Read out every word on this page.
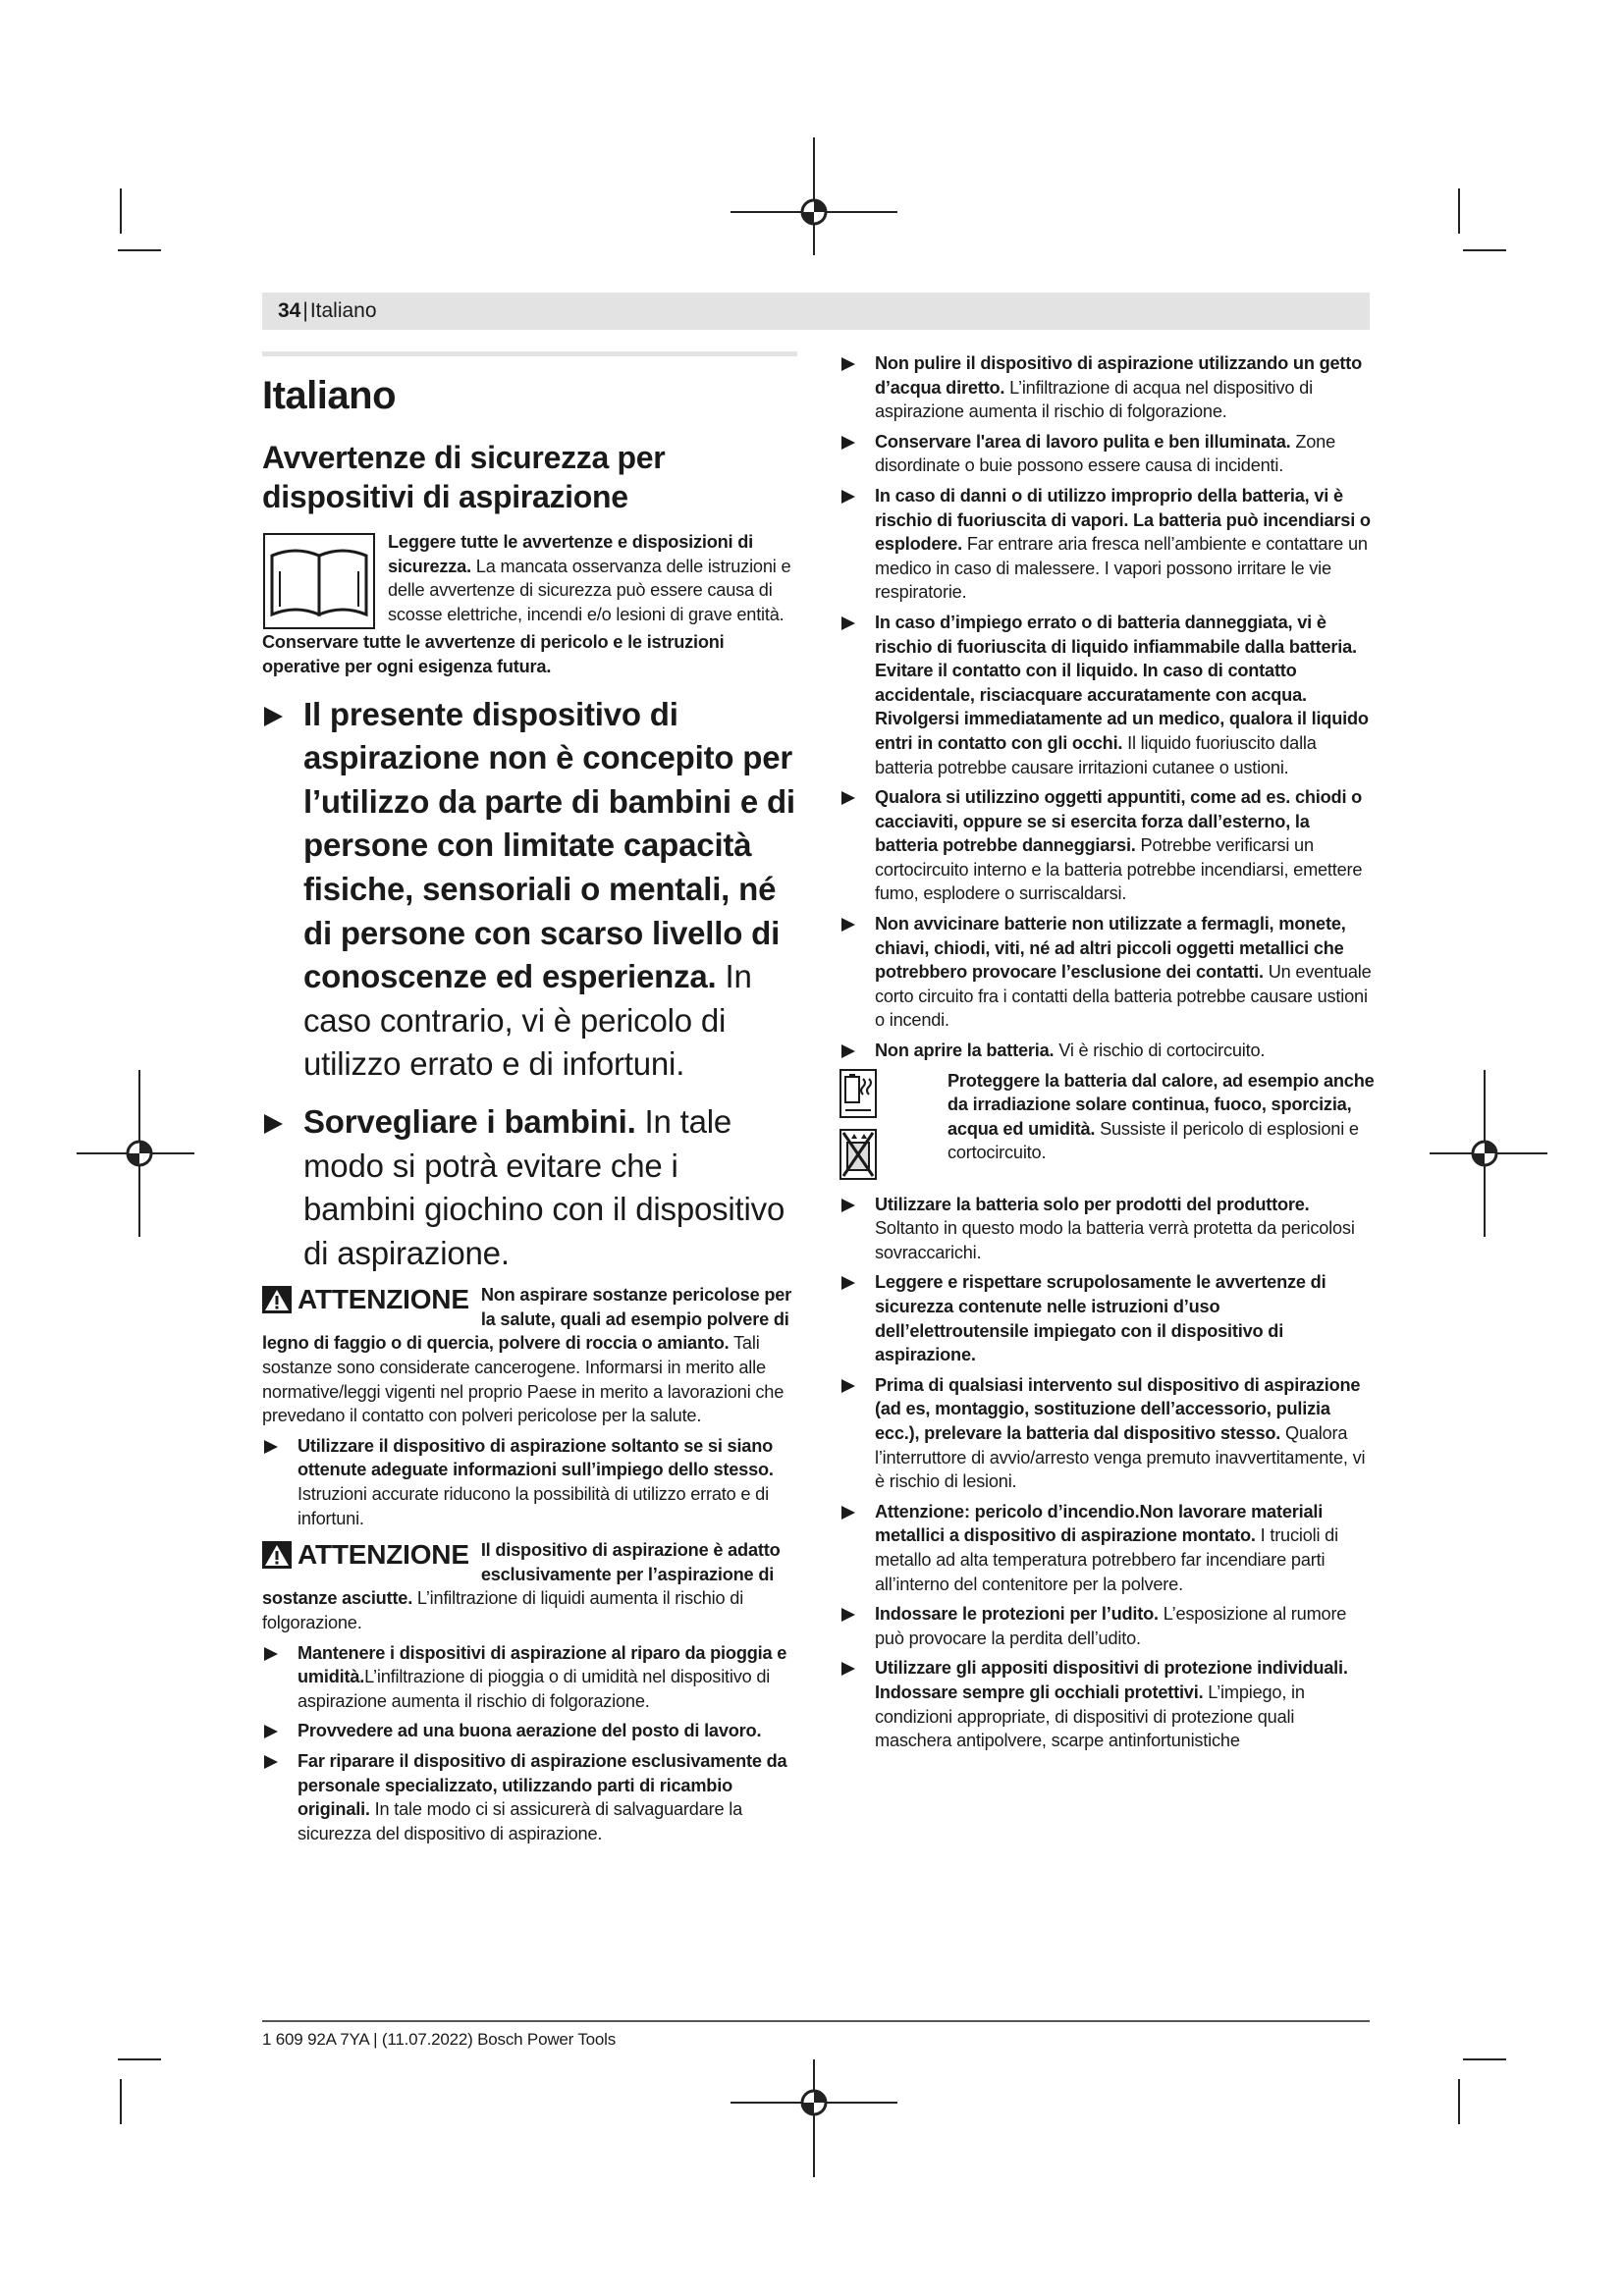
34|Italiano
Italiano
Avvertenze di sicurezza per
dispositivi di aspirazione

Leggere tutte le avvertenze e disposizioni di sicurezza. La mancata osservanza delle istruzioni e delle avvertenze di sicurezza può essere causa di scosse elettriche, incendi e/o lesioni di grave entità.

Conservare tutte le avvertenze di pericolo e le istruzioni operative per ogni esigenza futura.

Il presente dispositivo di aspirazione non è concepito per l’utilizzo da parte di bambini e di persone con limitate capacità fisiche, sensoriali o mentali, né di persone con scarso livello di conoscenze ed esperienza. In caso contrario, vi è pericolo di utilizzo errato e di infortuni.
Sorvegliare i bambini. In tale modo si potrà evitare che i bambini giochino con il dispositivo di aspirazione.

ATTENZIONE Non aspirare sostanze pericolose per la salute, quali ad esempio polvere di legno di faggio o di quercia, polvere di roccia o amianto. Tali sostanze sono considerate cancerogene. Informarsi in merito alle normative/leggi vigenti nel proprio Paese in merito a lavorazioni che prevedano il contatto con polveri pericolose per la salute.

Utilizzare il dispositivo di aspirazione soltanto se si siano ottenute adeguate informazioni sull’impiego dello stesso. Istruzioni accurate riducono la possibilità di utilizzo errato e di infortuni.

ATTENZIONE Il dispositivo di aspirazione è adatto esclusivamente per l’aspirazione di sostanze asciutte. L’infiltrazione di liquidi aumenta il rischio di folgorazione.

Mantenere i dispositivi di aspirazione al riparo da pioggia e umidità.L’infiltrazione di pioggia o di umidità nel dispositivo di aspirazione aumenta il rischio di folgorazione.
Provvedere ad una buona aerazione del posto di lavoro.
Far riparare il dispositivo di aspirazione esclusivamente da personale specializzato, utilizzando parti di ricambio originali. In tale modo ci si assicurerà di salvaguardare la sicurezza del dispositivo di aspirazione.
Non pulire il dispositivo di aspirazione utilizzando un getto d’acqua diretto. L’infiltrazione di acqua nel dispositivo di aspirazione aumenta il rischio di folgorazione.
Conservare l'area di lavoro pulita e ben illuminata. Zone disordinate o buie possono essere causa di incidenti.
In caso di danni o di utilizzo improprio della batteria, vi è rischio di fuoriuscita di vapori. La batteria può incendiarsi o esplodere. Far entrare aria fresca nell’ambiente e contattare un medico in caso di malessere. I vapori possono irritare le vie respiratorie.
In caso d’impiego errato o di batteria danneggiata, vi è rischio di fuoriuscita di liquido infiammabile dalla batteria. Evitare il contatto con il liquido. In caso di contatto accidentale, risciacquare accuratamente con acqua. Rivolgersi immediatamente ad un medico, qualora il liquido entri in contatto con gli occhi. Il liquido fuoriuscito dalla batteria potrebbe causare irritazioni cutanee o ustioni.
Qualora si utilizzino oggetti appuntiti, come ad es. chiodi o cacciaviti, oppure se si esercita forza dall’esterno, la batteria potrebbe danneggiarsi. Potrebbe verificarsi un cortocircuito interno e la batteria potrebbe incendiarsi, emettere fumo, esplodere o surriscaldarsi.
Non avvicinare batterie non utilizzate a fermagli, monete, chiavi, chiodi, viti, né ad altri piccoli oggetti metallici che potrebbero provocare l’esclusione dei contatti. Un eventuale corto circuito fra i contatti della batteria potrebbe causare ustioni o incendi.
Non aprire la batteria. Vi è rischio di cortocircuito.

Proteggere la batteria dal calore, ad esempio anche da irradiazione solare continua, fuoco, sporcizia, acqua ed umidità. Sussiste il pericolo di esplosioni e cortocircuito.
Utilizzare la batteria solo per prodotti del produttore. Soltanto in questo modo la batteria verrà protetta da pericolosi sovraccarichi.
Leggere e rispettare scrupolosamente le avvertenze di sicurezza contenute nelle istruzioni d’uso dell’elettroutensile impiegato con il dispositivo di aspirazione.
Prima di qualsiasi intervento sul dispositivo di aspirazione (ad es, montaggio, sostituzione dell’accessorio, pulizia ecc.), prelevare la batteria dal dispositivo stesso. Qualora l’interruttore di avvio/arresto venga premuto inavvertitamente, vi è rischio di lesioni.
Attenzione: pericolo d’incendio.Non lavorare materiali metallici a dispositivo di aspirazione montato. I trucioli di metallo ad alta temperatura potrebbero far incendiare parti all’interno del contenitore per la polvere.
Indossare le protezioni per l’udito. L’esposizione al rumore può provocare la perdita dell’udito.
Utilizzare gli appositi dispositivi di protezione individuali. Indossare sempre gli occhiali protettivi. L’impiego, in condizioni appropriate, di dispositivi di protezione quali maschera antipolvere, scarpe antinfortunistiche
1 609 92A 7YA | (11.07.2022) Bosch Power Tools
